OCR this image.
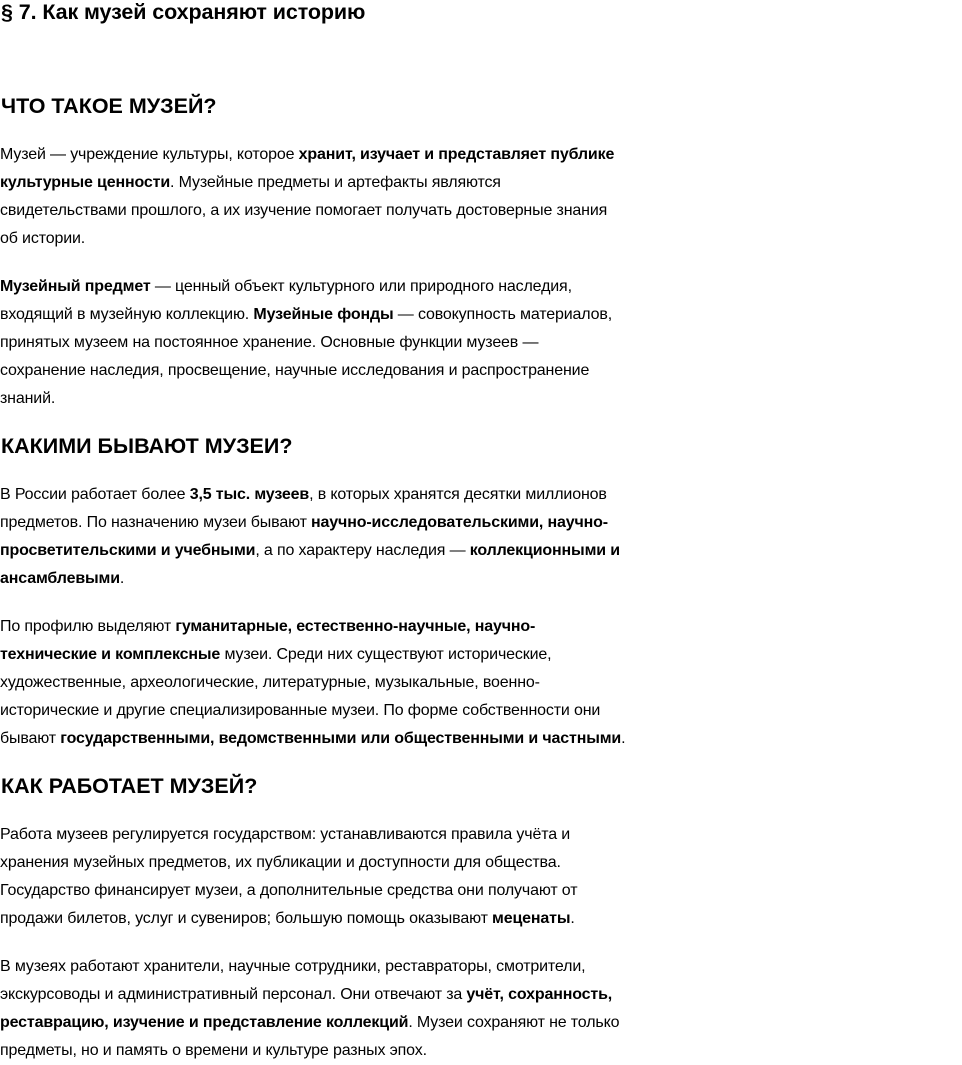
§ 7. Как музей сохраняют историю
ЧТО ТАКОЕ МУЗЕЙ?

Музей — учреждение культуры, которое хранит, изучает и представляет публике
культурные ценности. Музейные предметы и артефакты являются
свидетельствами прошлого, а их изучение помогает получать достоверные знания
об истории.

Музейный предмет — ценный объект культурного или природного наследия,
входящий в музейную коллекцию. Музейные фонды — совокупность материалов,
принятых музеем на постоянное хранение. Основные функции музеев —
сохранение наследия, просвещение, научные исследования и распространение
знаний.

КАКИМИ БЫВАЮТ МУЗЕИ?

В России работает более 3,5 тыс. музеев, в которых хранятся десятки миллионов
предметов. По назначению музеи бывают научно-исследовательскими, научно-
просветительскими и учебными, а по характеру наследия — коллекционными и
ансамблевыми.

По профилю выделяют гуманитарные, естественно-научные, научно-
технические и комплексные музеи. Среди них существуют исторические,
художественные, археологические, литературные, музыкальные, военно-
исторические и другие специализированные музеи. По форме собственности они
бывают государственными, ведомственными или общественными и частными.

КАК РАБОТАЕТ МУЗЕЙ?

Работа музеев регулируется государством: устанавливаются правила учёта и
хранения музейных предметов, их публикации и доступности для общества.
Государство финансирует музеи, а дополнительные средства они получают от
продажи билетов, услуг и сувениров; большую помощь оказывают меценаты.

В музеях работают хранители, научные сотрудники, реставраторы, смотрители,
экскурсоводы и административный персонал. Они отвечают за учёт, сохранность,
реставрацию, изучение и представление коллекций. Музеи сохраняют не только
предметы, но и память о времени и культуре разных эпох.
